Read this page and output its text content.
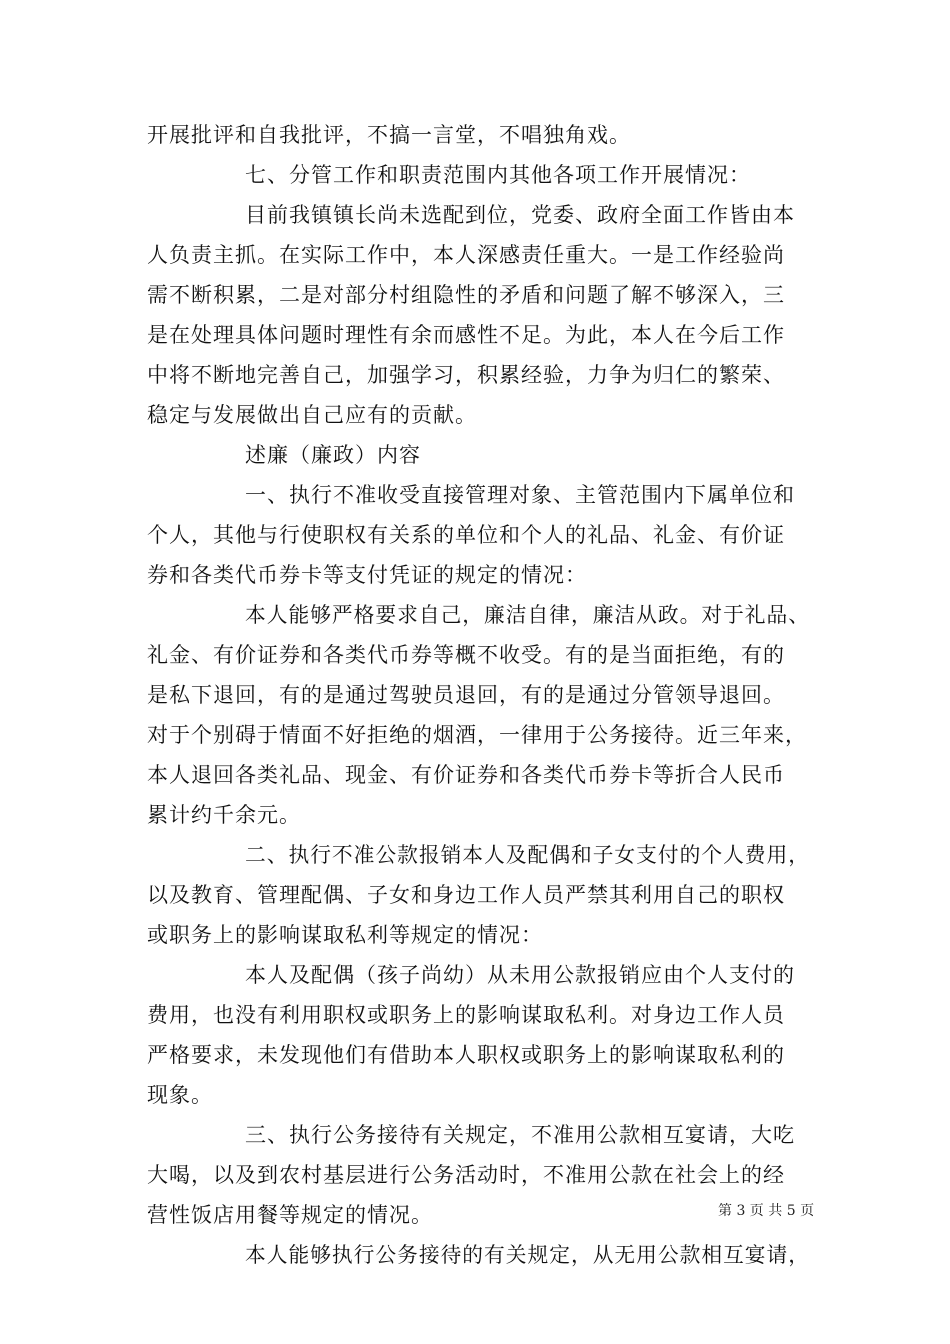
开展批评和自我批评，不搞一言堂，不唱独角戏。
七、分管工作和职责范围内其他各项工作开展情况：
目前我镇镇长尚未选配到位，党委、政府全面工作皆由本
人负责主抓。在实际工作中，本人深感责任重大。一是工作经验尚
需不断积累，二是对部分村组隐性的矛盾和问题了解不够深入，三
是在处理具体问题时理性有余而感性不足。为此，本人在今后工作
中将不断地完善自己，加强学习，积累经验，力争为归仁的繁荣、
稳定与发展做出自己应有的贡献。
述廉（廉政）内容
一、执行不准收受直接管理对象、主管范围内下属单位和
个人，其他与行使职权有关系的单位和个人的礼品、礼金、有价证
券和各类代币券卡等支付凭证的规定的情况：
本人能够严格要求自己，廉洁自律，廉洁从政。对于礼品、
礼金、有价证券和各类代币券等概不收受。有的是当面拒绝，有的
是私下退回，有的是通过驾驶员退回，有的是通过分管领导退回。
对于个别碍于情面不好拒绝的烟酒，一律用于公务接待。近三年来，
本人退回各类礼品、现金、有价证券和各类代币券卡等折合人民币
累计约千余元。
二、执行不准公款报销本人及配偶和子女支付的个人费用，
以及教育、管理配偶、子女和身边工作人员严禁其利用自己的职权
或职务上的影响谋取私利等规定的情况：
本人及配偶（孩子尚幼）从未用公款报销应由个人支付的
费用，也没有利用职权或职务上的影响谋取私利。对身边工作人员
严格要求，未发现他们有借助本人职权或职务上的影响谋取私利的
现象。
三、执行公务接待有关规定，不准用公款相互宴请，大吃
大喝，以及到农村基层进行公务活动时，不准用公款在社会上的经
营性饭店用餐等规定的情况。
本人能够执行公务接待的有关规定，从无用公款相互宴请，
第 3 页 共 5 页
